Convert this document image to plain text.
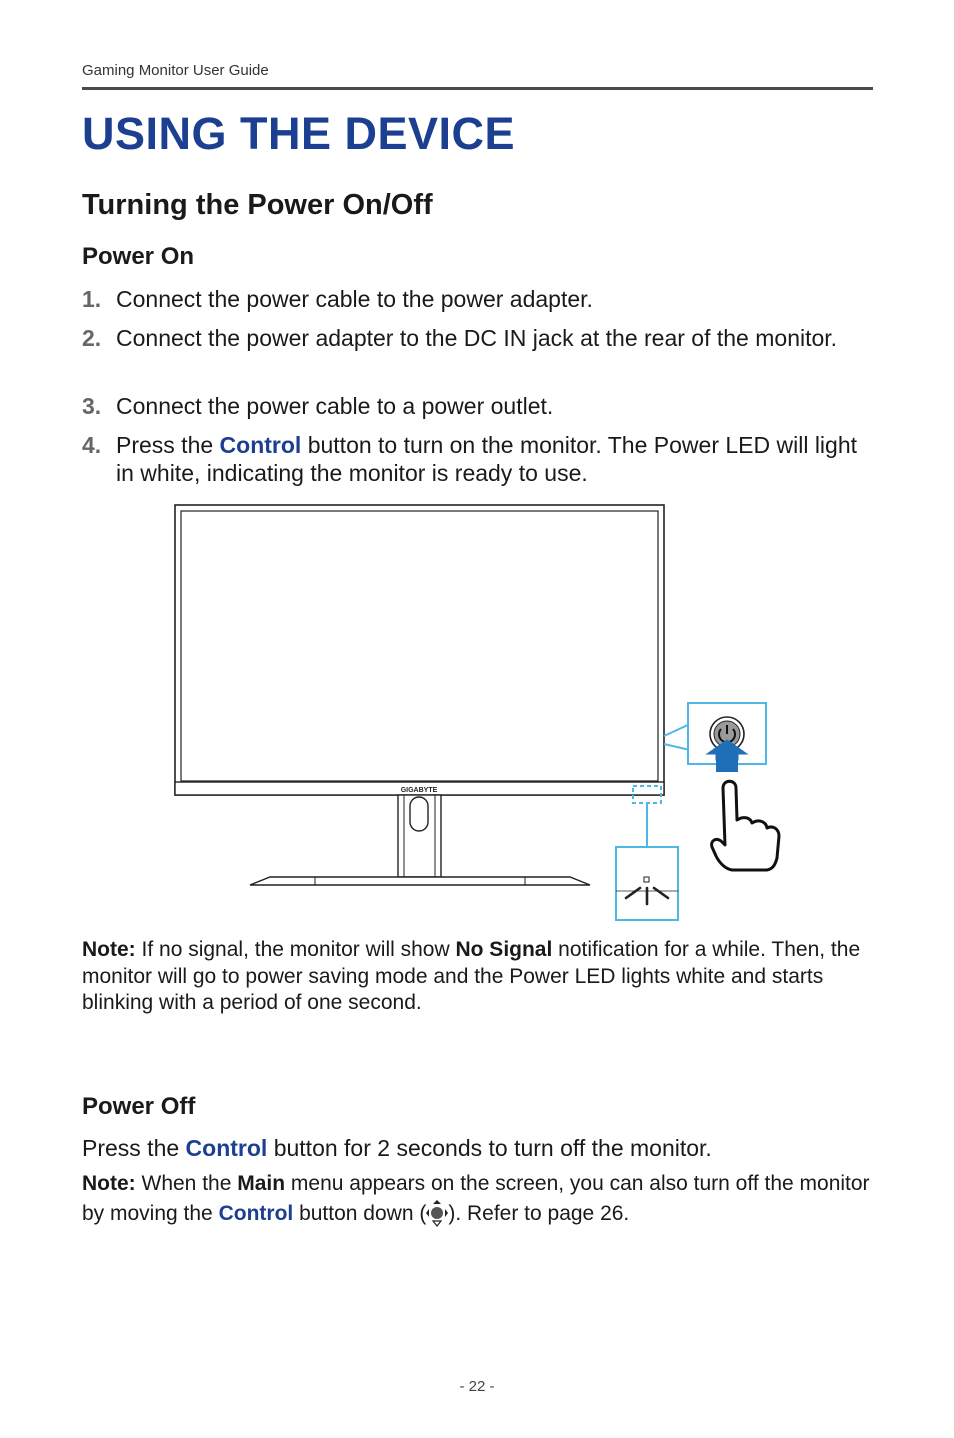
Gaming Monitor User Guide
USING THE DEVICE
Turning the Power On/Off
Power On
1. Connect the power cable to the power adapter.
2. Connect the power adapter to the DC IN jack at the rear of the monitor.
3. Connect the power cable to a power outlet.
4. Press the Control button to turn on the monitor. The Power LED will light in white, indicating the monitor is ready to use.
GIGABYTE
Note: If no signal, the monitor will show No Signal notification for a while. Then, the monitor will go to power saving mode and the Power LED lights white and starts blinking with a period of one second.
Power Off
Press the Control button for 2 seconds to turn off the monitor.
Note: When the Main menu appears on the screen, you can also turn off the monitor by moving the Control button down ( ). Refer to page 26.
- 22 -
